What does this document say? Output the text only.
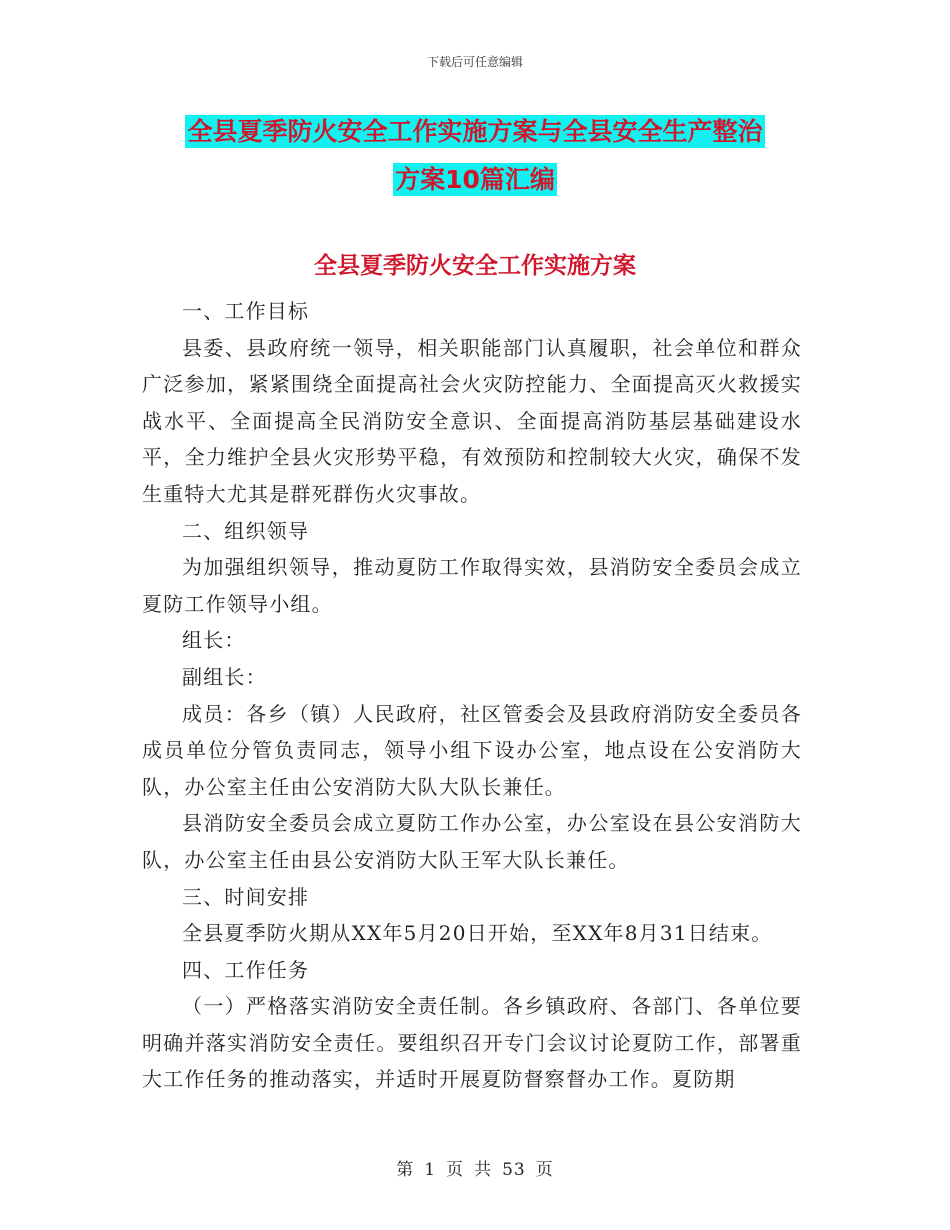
下载后可任意编辑
全县夏季防火安全工作实施方案与全县安全生产整治
方案10篇汇编
全县夏季防火安全工作实施方案

一、工作目标

县委、县政府统一领导，相关职能部门认真履职，社会单位和群众广泛参加，紧紧围绕全面提高社会火灾防控能力、全面提高灭火救援实战水平、全面提高全民消防安全意识、全面提高消防基层基础建设水平，全力维护全县火灾形势平稳，有效预防和控制较大火灾，确保不发生重特大尤其是群死群伤火灾事故。

二、组织领导

为加强组织领导，推动夏防工作取得实效，县消防安全委员会成立夏防工作领导小组。

组长：

副组长：

成员：各乡（镇）人民政府，社区管委会及县政府消防安全委员各成员单位分管负责同志，领导小组下设办公室，地点设在公安消防大队，办公室主任由公安消防大队大队长兼任。

县消防安全委员会成立夏防工作办公室，办公室设在县公安消防大队，办公室主任由县公安消防大队王军大队长兼任。

三、时间安排

全县夏季防火期从XX年5月20日开始，至XX年8月31日结束。

四、工作任务

（一）严格落实消防安全责任制。各乡镇政府、各部门、各单位要明确并落实消防安全责任。要组织召开专门会议讨论夏防工作，部署重大工作任务的推动落实，并适时开展夏防督察督办工作。夏防期

第 1 页 共 53 页
